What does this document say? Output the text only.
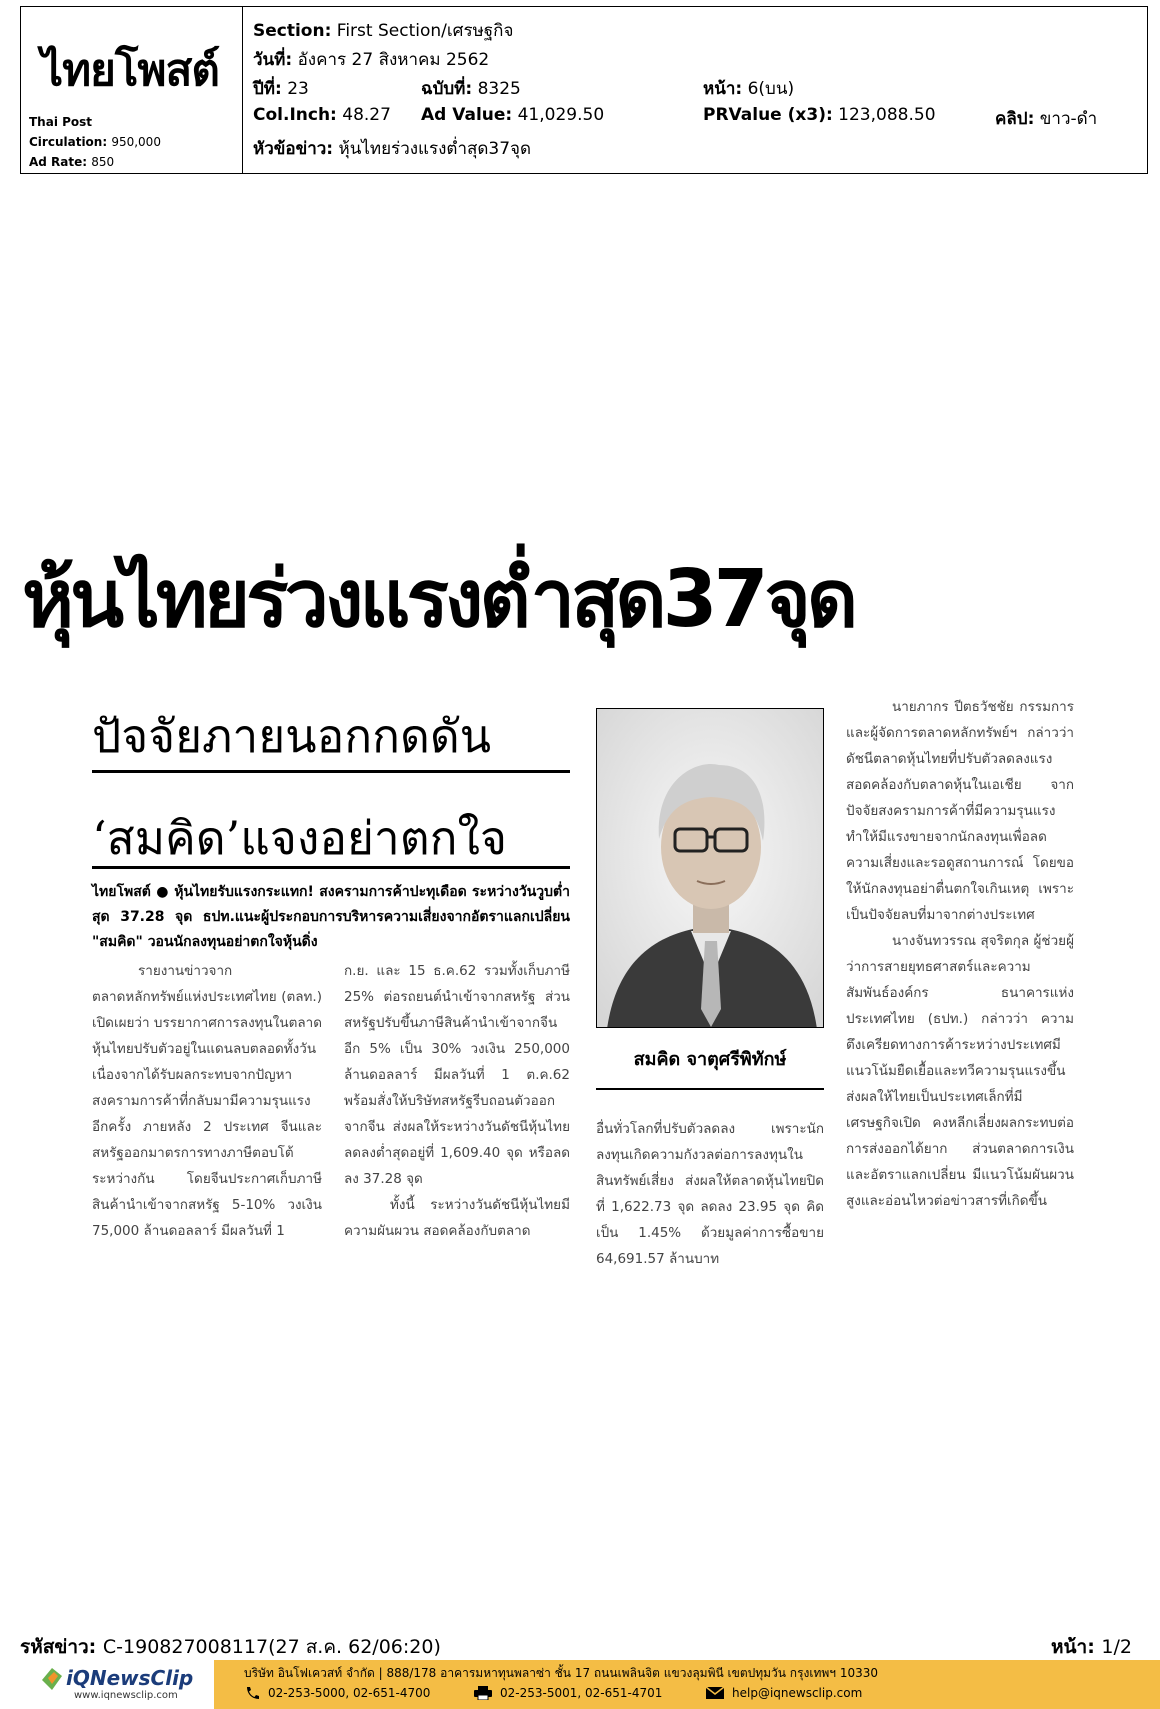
ไทยโพสต์
Thai Post
Circulation: 950,000
Ad Rate: 850
Section: First Section/เศรษฐกิจ
วันที่: อังคาร 27 สิงหาคม 2562
ปีที่: 23	ฉบับที่: 8325	หน้า: 6(บน)
Col.Inch: 48.27 Ad Value: 41,029.50	PRValue (x3): 123,088.50	คลิป: ขาว-ดำ
หัวข้อข่าว: หุ้นไทยร่วงแรงต่ำสุด37จุด
หุ้นไทยร่วงแรงต่ำสุด37จุด
ปัจจัยภายนอกกดดัน
‘สมคิด’แจงอย่าตกใจ
ไทยโพสต์ ● หุ้นไทยรับแรงกระแทก! สงครามการค้าปะทุเดือด ระหว่างวันวูบต่ำสุด 37.28 จุด ธปท.แนะผู้ประกอบการบริหารความเสี่ยงจากอัตราแลกเปลี่ยน "สมคิด" วอนนักลงทุนอย่าตกใจหุ้นดิ่ง

รายงานข่าวจากตลาดหลักทรัพย์แห่งประเทศไทย (ตลท.) เปิดเผยว่า บรรยากาศการลงทุนในตลาดหุ้นไทยปรับตัวอยู่ในแดนลบตลอดทั้งวัน เนื่องจากได้รับผลกระทบจากปัญหาสงครามการค้าที่กลับมามีความรุนแรงอีกครั้ง ภายหลัง 2 ประเทศ จีนและสหรัฐออกมาตรการทางภาษีตอบโต้ระหว่างกัน โดยจีนประกาศเก็บภาษีสินค้านำเข้าจากสหรัฐ 5-10% วงเงิน 75,000 ล้านดอลลาร์ มีผลวันที่ 1

ก.ย. และ 15 ธ.ค.62 รวมทั้งเก็บภาษี 25% ต่อรถยนต์นำเข้าจากสหรัฐ ส่วนสหรัฐปรับขึ้นภาษีสินค้านำเข้าจากจีนอีก 5% เป็น 30% วงเงิน 250,000 ล้านดอลลาร์ มีผลวันที่ 1 ต.ค.62 พร้อมสั่งให้บริษัทสหรัฐรีบถอนตัวออกจากจีน ส่งผลให้ระหว่างวันดัชนีหุ้นไทยลดลงต่ำสุดอยู่ที่ 1,609.40 จุด หรือลดลง 37.28 จุด

ทั้งนี้ ระหว่างวันดัชนีหุ้นไทยมีความผันผวน สอดคล้องกับตลาด

สมคิด จาตุศรีพิทักษ์

อื่นทั่วโลกที่ปรับตัวลดลง เพราะนักลงทุนเกิดความกังวลต่อการลงทุนในสินทรัพย์เสี่ยง ส่งผลให้ตลาดหุ้นไทยปิดที่ 1,622.73 จุด ลดลง 23.95 จุด คิดเป็น 1.45% ด้วยมูลค่าการซื้อขาย 64,691.57 ล้านบาท

นายภากร ปีตธวัชชัย กรรมการและผู้จัดการตลาดหลักทรัพย์ฯ กล่าวว่า ดัชนีตลาดหุ้นไทยที่ปรับตัวลดลงแรง สอดคล้องกับตลาดหุ้นในเอเชีย จากปัจจัยสงครามการค้าที่มีความรุนแรง ทำให้มีแรงขายจากนักลงทุนเพื่อลดความเสี่ยงและรอดูสถานการณ์ โดยขอให้นักลงทุนอย่าตื่นตกใจเกินเหตุ เพราะเป็นปัจจัยลบที่มาจากต่างประเทศ

นางจันทวรรณ สุจริตกุล ผู้ช่วยผู้ว่าการสายยุทธศาสตร์และความสัมพันธ์องค์กร ธนาคารแห่งประเทศไทย (ธปท.) กล่าวว่า ความตึงเครียดทางการค้าระหว่างประเทศมีแนวโน้มยืดเยื้อและทวีความรุนแรงขึ้น ส่งผลให้ไทยเป็นประเทศเล็กที่มีเศรษฐกิจเปิด คงหลีกเลี่ยงผลกระทบต่อการส่งออกได้ยาก ส่วนตลาดการเงินและอัตราแลกเปลี่ยน มีแนวโน้มผันผวนสูงและอ่อนไหวต่อข่าวสารที่เกิดขึ้น

รหัสข่าว: C-190827008117(27 ส.ค. 62/06:20)	หน้า: 1/2
iQNewsClip
www.iqnewsclip.com
บริษัท อินโฟเควสท์ จำกัด | 888/178 อาคารมหาทุนพลาซ่า ชั้น 17 ถนนเพลินจิต แขวงลุมพินี เขตปทุมวัน กรุงเทพฯ 10330
02-253-5000, 02-651-4700	02-253-5001, 02-651-4701	help@iqnewsclip.com
